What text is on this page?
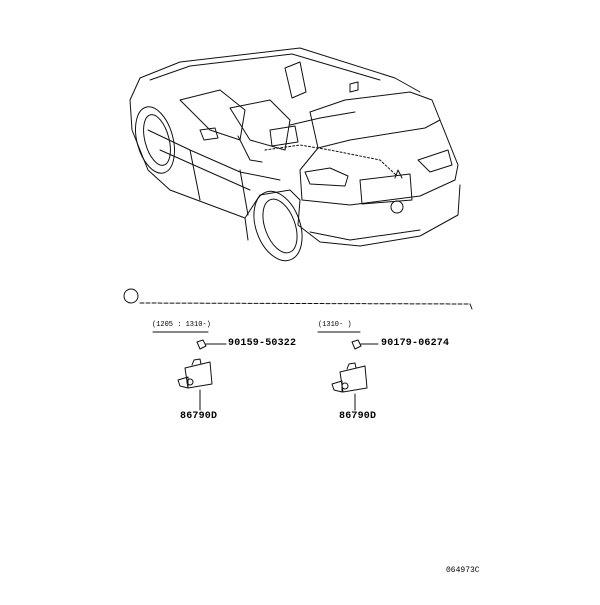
(1205 : 1310-)	(1310- )
90159-50322	90179-06274
86790D	86790D
064973C
